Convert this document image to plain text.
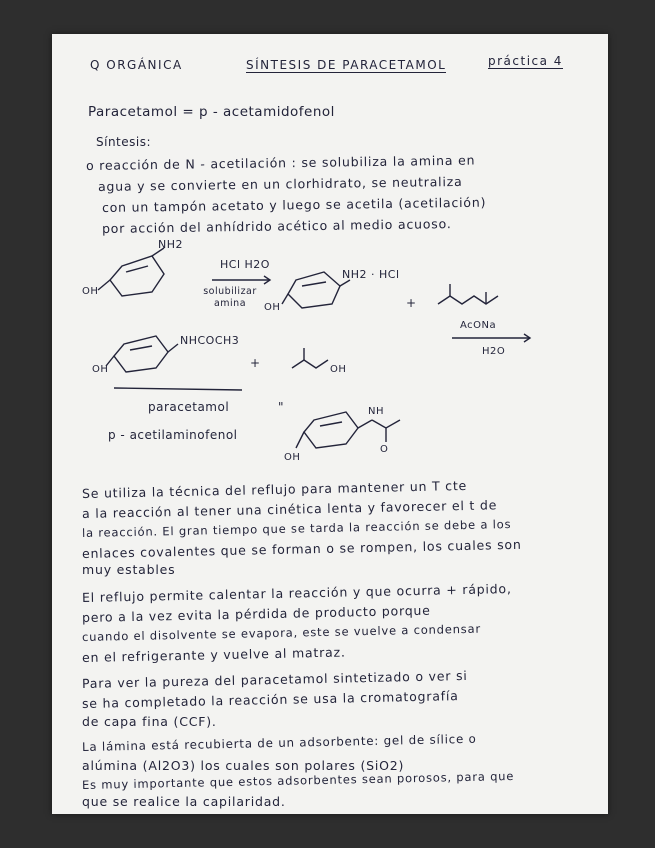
Q ORGÁNICA	SÍNTESIS DE PARACETAMOL	práctica 4
Paracetamol = p - acetamidofenol
Síntesis:
o reacción de N - acetilación : se solubiliza la amina en
agua y se convierte en un clorhidrato, se neutraliza
con un tampón acetato y luego se acetila (acetilación)
por acción del anhídrido acético al medio acuoso.
NH2
OH
HCl H2O
solubilizar amina
NH2 · HCl
OH	+
AcONa
H2O
NHCOCH3
OH	+	OH
paracetamol	"
p - acetilaminofenol
NH
O
OH
Se utiliza la técnica del reflujo para mantener un T cte
a la reacción al tener una cinética lenta y favorecer el t de
la reacción. El gran tiempo que se tarda la reacción se debe a los
enlaces covalentes que se forman o se rompen, los cuales son
muy estables
El reflujo permite calentar la reacción y que ocurra + rápido,
pero a la vez evita la pérdida de producto porque
cuando el disolvente se evapora, este se vuelve a condensar
en el refrigerante y vuelve al matraz.
Para ver la pureza del paracetamol sintetizado o ver si
se ha completado la reacción se usa la cromatografía
de capa fina (CCF).
La lámina está recubierta de un adsorbente: gel de sílice o
alúmina (Al2O3) los cuales son polares (SiO2)
Es muy importante que estos adsorbentes sean porosos, para que
que se realice la capilaridad.
